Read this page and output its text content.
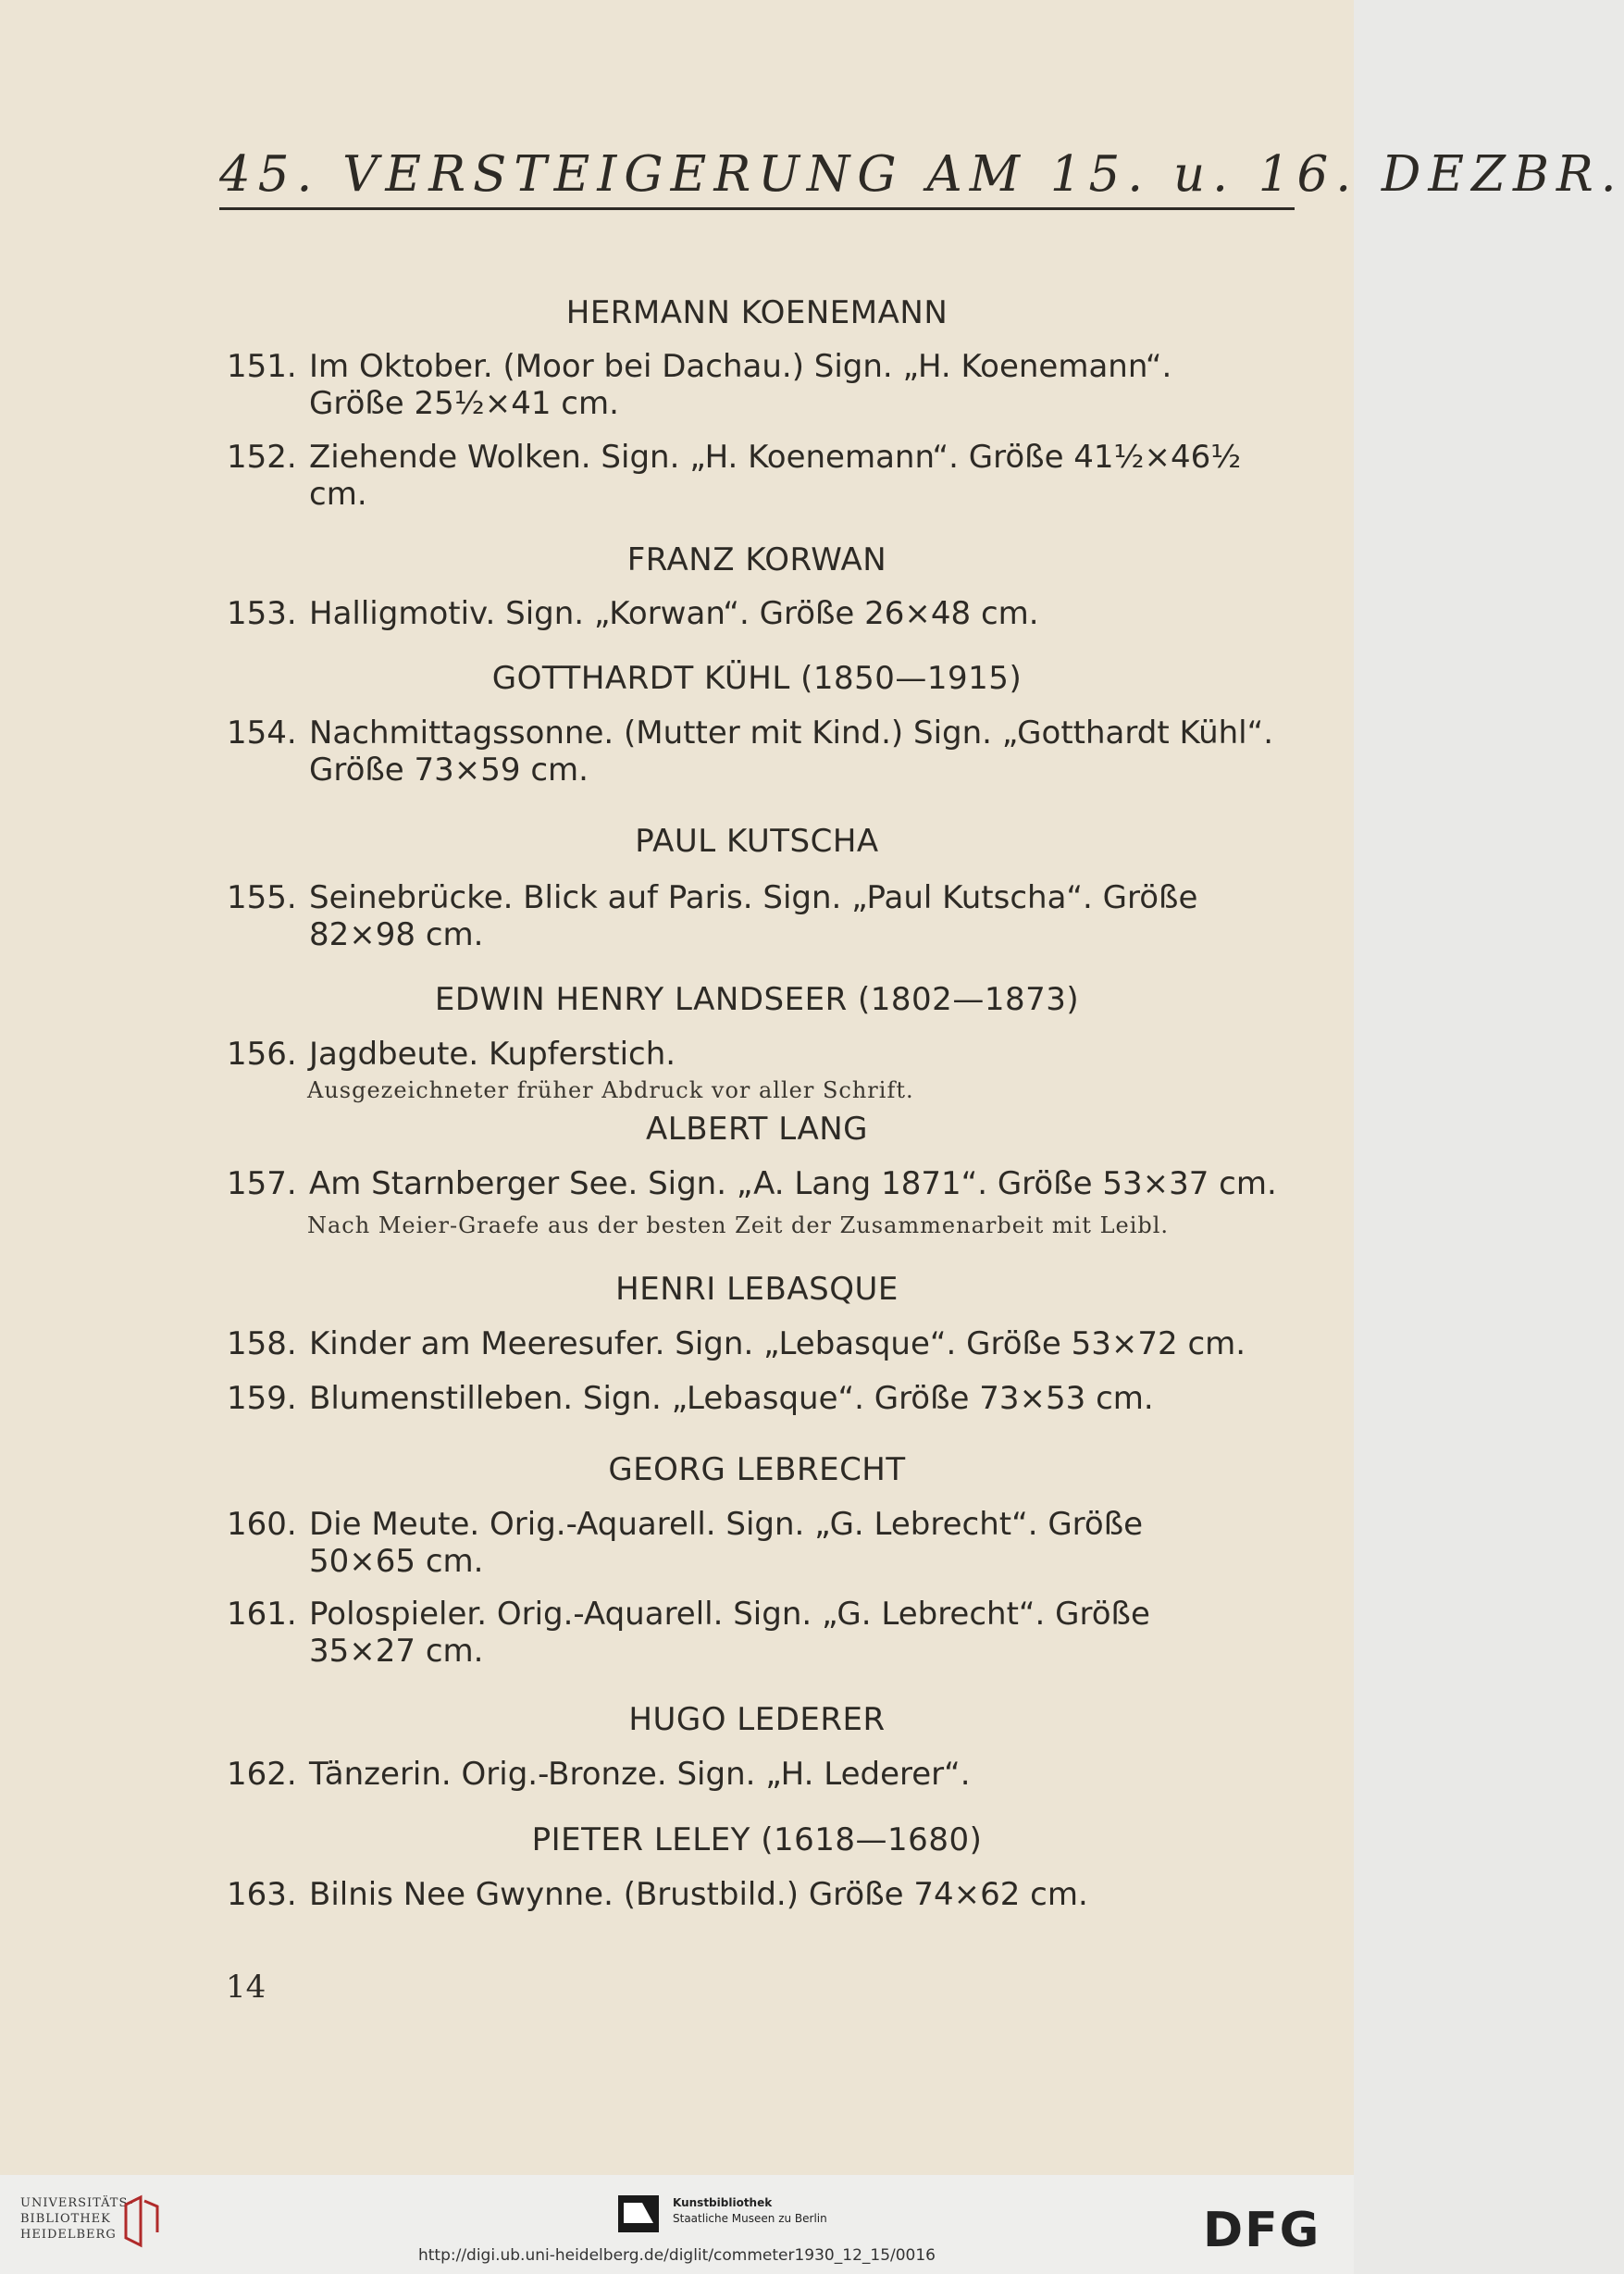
45. VERSTEIGERUNG AM 15. u. 16. DEZBR.
HERMANN KOENEMANN
151. Im Oktober. (Moor bei Dachau.) Sign. „H. Koenemann“.
Größe 25½×41 cm.
152. Ziehende Wolken. Sign. „H. Koenemann“. Größe 41½×46½
cm.
FRANZ KORWAN
153. Halligmotiv. Sign. „Korwan“. Größe 26×48 cm.
GOTTHARDT KÜHL (1850—1915)
154. Nachmittagssonne. (Mutter mit Kind.) Sign. „Gotthardt Kühl“.
Größe 73×59 cm.
PAUL KUTSCHA
155. Seinebrücke. Blick auf Paris. Sign. „Paul Kutscha“. Größe
82×98 cm.
EDWIN HENRY LANDSEER (1802—1873)
156. Jagdbeute. Kupferstich.
Ausgezeichneter früher Abdruck vor aller Schrift.
ALBERT LANG
157. Am Starnberger See. Sign. „A. Lang 1871“. Größe 53×37 cm.
Nach Meier-Graefe aus der besten Zeit der Zusammenarbeit mit Leibl.
HENRI LEBASQUE
158. Kinder am Meeresufer. Sign. „Lebasque“. Größe 53×72 cm.
159. Blumenstilleben. Sign. „Lebasque“. Größe 73×53 cm.
GEORG LEBRECHT
160. Die Meute. Orig.-Aquarell. Sign. „G. Lebrecht“. Größe
50×65 cm.
161. Polospieler. Orig.-Aquarell. Sign. „G. Lebrecht“. Größe
35×27 cm.
HUGO LEDERER
162. Tänzerin. Orig.-Bronze. Sign. „H. Lederer“.
PIETER LELEY (1618—1680)
163. Bilnis Nee Gwynne. (Brustbild.) Größe 74×62 cm.
14
UNIVERSITÄTS-
BIBLIOTHEK
HEIDELBERG
Kunstbibliothek
Staatliche Museen zu Berlin	DFG
http://digi.ub.uni-heidelberg.de/diglit/commeter1930_12_15/0016
